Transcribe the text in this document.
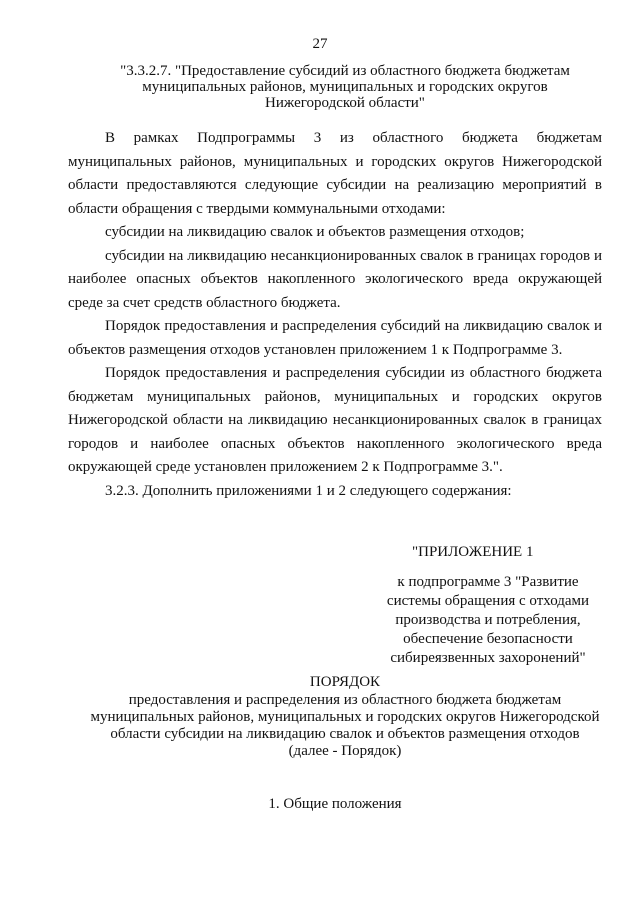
27
"3.3.2.7. "Предоставление субсидий из областного бюджета бюджетам муниципальных районов, муниципальных и городских округов Нижегородской области"

В рамках Подпрограммы 3 из областного бюджета бюджетам муниципальных районов, муниципальных и городских округов Нижегородской области предоставляются следующие субсидии на реализацию мероприятий в области обращения с твердыми коммунальными отходами:

субсидии на ликвидацию свалок и объектов размещения отходов;

субсидии на ликвидацию несанкционированных свалок в границах городов и наиболее опасных объектов накопленного экологического вреда окружающей среде за счет средств областного бюджета.

Порядок предоставления и распределения субсидий на ликвидацию свалок и объектов размещения отходов установлен приложением 1 к Подпрограмме 3.

Порядок предоставления и распределения субсидии из областного бюджета бюджетам муниципальных районов, муниципальных и городских округов Нижегородской области на ликвидацию несанкционированных свалок в границах городов и наиболее опасных объектов накопленного экологического вреда окружающей среде установлен приложением 2 к Подпрограмме 3.".

3.2.3. Дополнить приложениями 1 и 2 следующего содержания:

"ПРИЛОЖЕНИЕ 1
к подпрограмме 3 "Развитие системы обращения с отходами производства и потребления, обеспечение безопасности сибиреязвенных захоронений"
ПОРЯДОК
предоставления и распределения из областного бюджета бюджетам муниципальных районов, муниципальных и городских округов Нижегородской области субсидии на ликвидацию свалок и объектов размещения отходов
(далее - Порядок)
1. Общие положения
